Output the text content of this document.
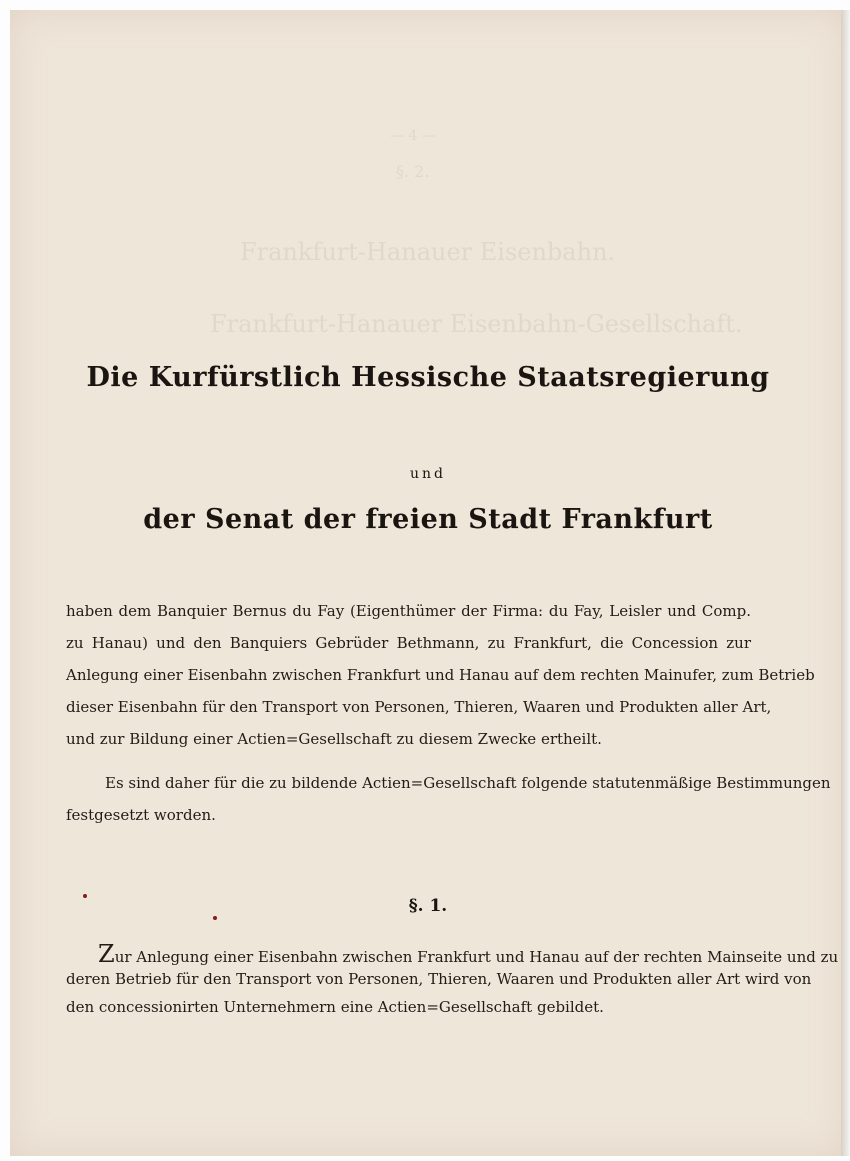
— 4 —
§. 2.
Frankfurt-Hanauer Eisenbahn.
Frankfurt-Hanauer Eisenbahn-Gesellschaft.
Die Kurfürstlich Hessische Staatsregierung
und
der Senat der freien Stadt Frankfurt
haben dem Banquier Bernus du Fay (Eigenthümer der Firma: du Fay, Leisler und Comp.
zu Hanau) und den Banquiers Gebrüder Bethmann, zu Frankfurt, die Concession zur
Anlegung einer Eisenbahn zwischen Frankfurt und Hanau auf dem rechten Mainufer, zum Betrieb
dieser Eisenbahn für den Transport von Personen, Thieren, Waaren und Produkten aller Art,
und zur Bildung einer Actien=Gesellschaft zu diesem Zwecke ertheilt.
Es sind daher für die zu bildende Actien=Gesellschaft folgende statutenmäßige Bestimmungen
festgesetzt worden.
§. 1.
Zur Anlegung einer Eisenbahn zwischen Frankfurt und Hanau auf der rechten Mainseite und zu
deren Betrieb für den Transport von Personen, Thieren, Waaren und Produkten aller Art wird von
den concessionirten Unternehmern eine Actien=Gesellschaft gebildet.
